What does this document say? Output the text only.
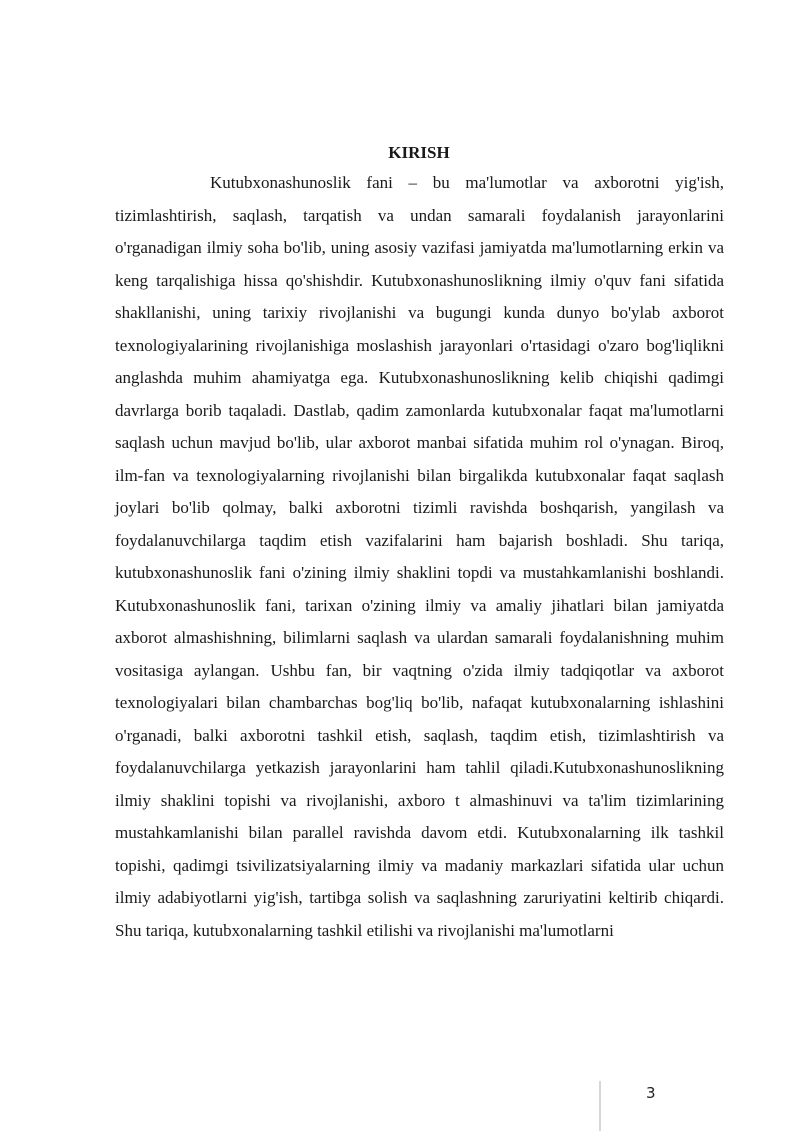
KIRISH

Kutubxonashunoslik fani – bu ma'lumotlar va axborotni yig'ish, tizimlashtirish, saqlash, tarqatish va undan samarali foydalanish jarayonlarini o'rganadigan ilmiy soha bo'lib, uning asosiy vazifasi jamiyatda ma'lumotlarning erkin va keng tarqalishiga hissa qo'shishdir. Kutubxonashunoslikning ilmiy o'quv fani sifatida shakllanishi, uning tarixiy rivojlanishi va bugungi kunda dunyo bo'ylab axborot texnologiyalarining rivojlanishiga moslashish jarayonlari o'rtasidagi o'zaro bog'liqlikni anglashda muhim ahamiyatga ega. Kutubxonashunoslikning kelib chiqishi qadimgi davrlarga borib taqaladi. Dastlab, qadim zamonlarda kutubxonalar faqat ma'lumotlarni saqlash uchun mavjud bo'lib, ular axborot manbai sifatida muhim rol o'ynagan. Biroq, ilm-fan va texnologiyalarning rivojlanishi bilan birgalikda kutubxonalar faqat saqlash joylari bo'lib qolmay, balki axborotni tizimli ravishda boshqarish, yangilash va foydalanuvchilarga taqdim etish vazifalarini ham bajarish boshladi. Shu tariqa, kutubxonashunoslik fani o'zining ilmiy shaklini topdi va mustahkamlanishi boshlandi. Kutubxonashunoslik fani, tarixan o'zining ilmiy va amaliy jihatlari bilan jamiyatda axborot almashishning, bilimlarni saqlash va ulardan samarali foydalanishning muhim vositasiga aylangan. Ushbu fan, bir vaqtning o'zida ilmiy tadqiqotlar va axborot texnologiyalari bilan chambarchas bog'liq bo'lib, nafaqat kutubxonalarning ishlashini o'rganadi, balki axborotni tashkil etish, saqlash, taqdim etish, tizimlashtirish va foydalanuvchilarga yetkazish jarayonlarini ham tahlil qiladi.Kutubxonashunoslikning ilmiy shaklini topishi va rivojlanishi, axboro t almashinuvi va ta'lim tizimlarining mustahkamlanishi bilan parallel ravishda davom etdi. Kutubxonalarning ilk tashkil topishi, qadimgi tsivilizatsiyalarning ilmiy va madaniy markazlari sifatida ular uchun ilmiy adabiyotlarni yig'ish, tartibga solish va saqlashning zaruriyatini keltirib chiqardi. Shu tariqa, kutubxonalarning tashkil etilishi va rivojlanishi ma'lumotlarni

3
